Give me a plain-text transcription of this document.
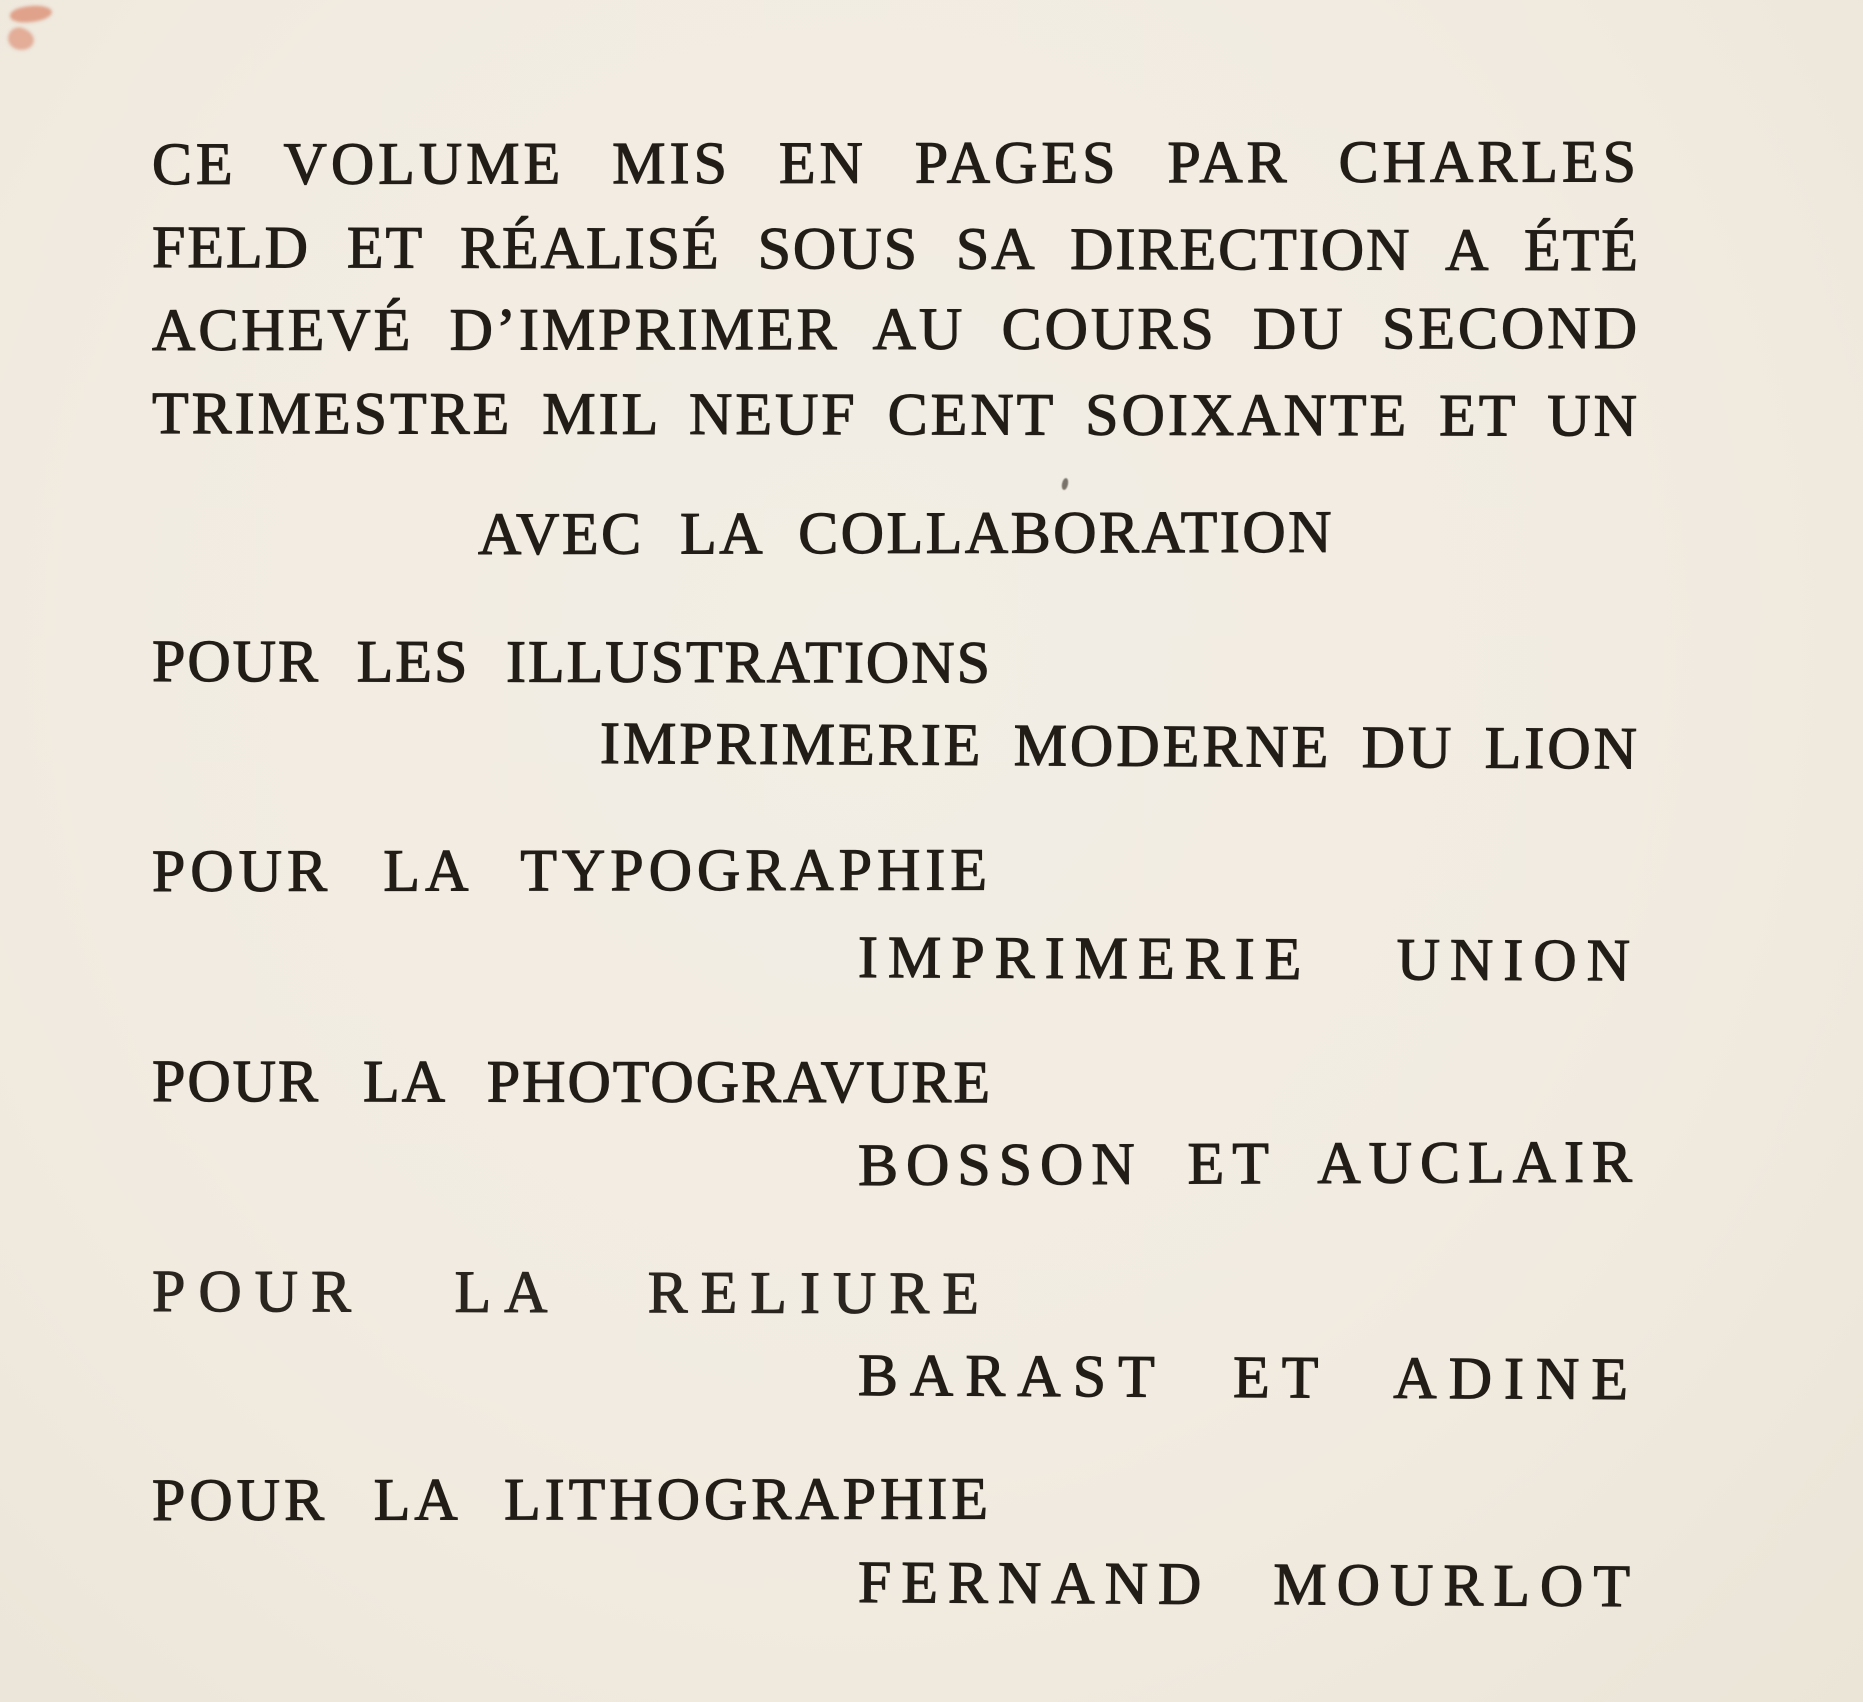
CE VOLUME MIS EN PAGES PAR CHARLES
FELD ET RÉALISÉ SOUS SA DIRECTION A ÉTÉ
ACHEVÉ D’IMPRIMER AU COURS DU SECOND
TRIMESTRE MIL NEUF CENT SOIXANTE ET UN
AVEC LA COLLABORATION
POUR LES ILLUSTRATIONS
IMPRIMERIE MODERNE DU LION
POUR LA TYPOGRAPHIE
IMPRIMERIE UNION
POUR LA PHOTOGRAVURE
BOSSON ET AUCLAIR
POUR LA RELIURE
BARAST ET ADINE
POUR LA LITHOGRAPHIE
FERNAND MOURLOT
